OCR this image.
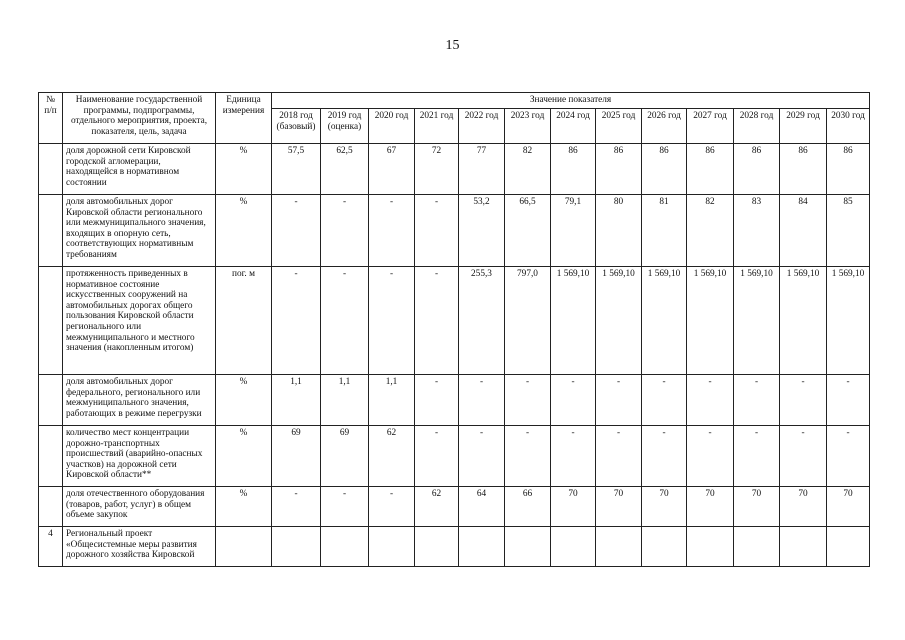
15
№ п/п	Наименование государственной программы, подпрограммы, отдельного мероприятия, проекта, показателя, цель, задача	Единица измерения	Значение показателя												
			2018 год (базовый)	2019 год (оценка)	2020 год	2021 год	2022 год	2023 год	2024 год	2025 год	2026 год	2027 год	2028 год	2029 год	2030 год
	доля дорожной сети Кировской городской агломерации, находящейся в нормативном состоянии	%	57,5	62,5	67	72	77	82	86	86	86	86	86	86	86
	доля автомобильных дорог Кировской области регионального или межмуниципального значения, входящих в опорную сеть, соответствующих нормативным требованиям	%	-	-	-	-	53,2	66,5	79,1	80	81	82	83	84	85
	протяженность приведенных в нормативное состояние искусственных сооружений на автомобильных дорогах общего пользования Кировской области регионального или межмуниципального и местного значения (накопленным итогом)	пог. м	-	-	-	-	255,3	797,0	1 569,10	1 569,10	1 569,10	1 569,10	1 569,10	1 569,10	1 569,10
	доля автомобильных дорог федерального, регионального или межмуниципального значения, работающих в режиме перегрузки	%	1,1	1,1	1,1	-	-	-	-	-	-	-	-	-	-
	количество мест концентрации дорожно-транспортных происшествий (аварийно-опасных участков) на дорожной сети Кировской области**	%	69	69	62	-	-	-	-	-	-	-	-	-	-
	доля отечественного оборудования (товаров, работ, услуг) в общем объеме закупок	%	-	-	-	62	64	66	70	70	70	70	70	70	70
4	Региональный проект «Общесистемные меры развития дорожного хозяйства Кировской														
